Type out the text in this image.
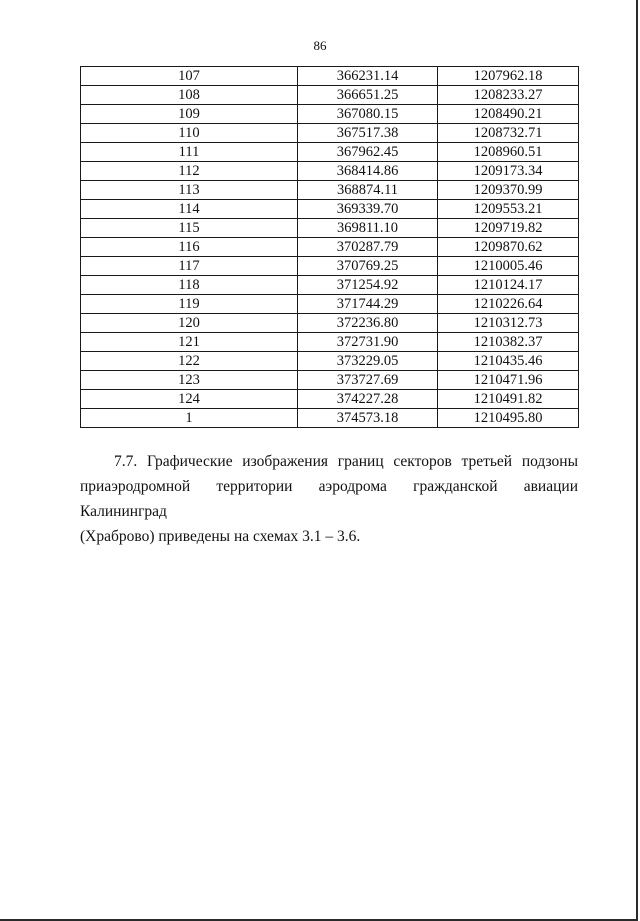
86
107	366231.14	1207962.18
108	366651.25	1208233.27
109	367080.15	1208490.21
110	367517.38	1208732.71
111	367962.45	1208960.51
112	368414.86	1209173.34
113	368874.11	1209370.99
114	369339.70	1209553.21
115	369811.10	1209719.82
116	370287.79	1209870.62
117	370769.25	1210005.46
118	371254.92	1210124.17
119	371744.29	1210226.64
120	372236.80	1210312.73
121	372731.90	1210382.37
122	373229.05	1210435.46
123	373727.69	1210471.96
124	374227.28	1210491.82
1	374573.18	1210495.80
7.7. Графические изображения границ секторов третьей подзоны
приаэродромной территории аэродрома гражданской авиации Калининград
(Храброво) приведены на схемах 3.1 – 3.6.
